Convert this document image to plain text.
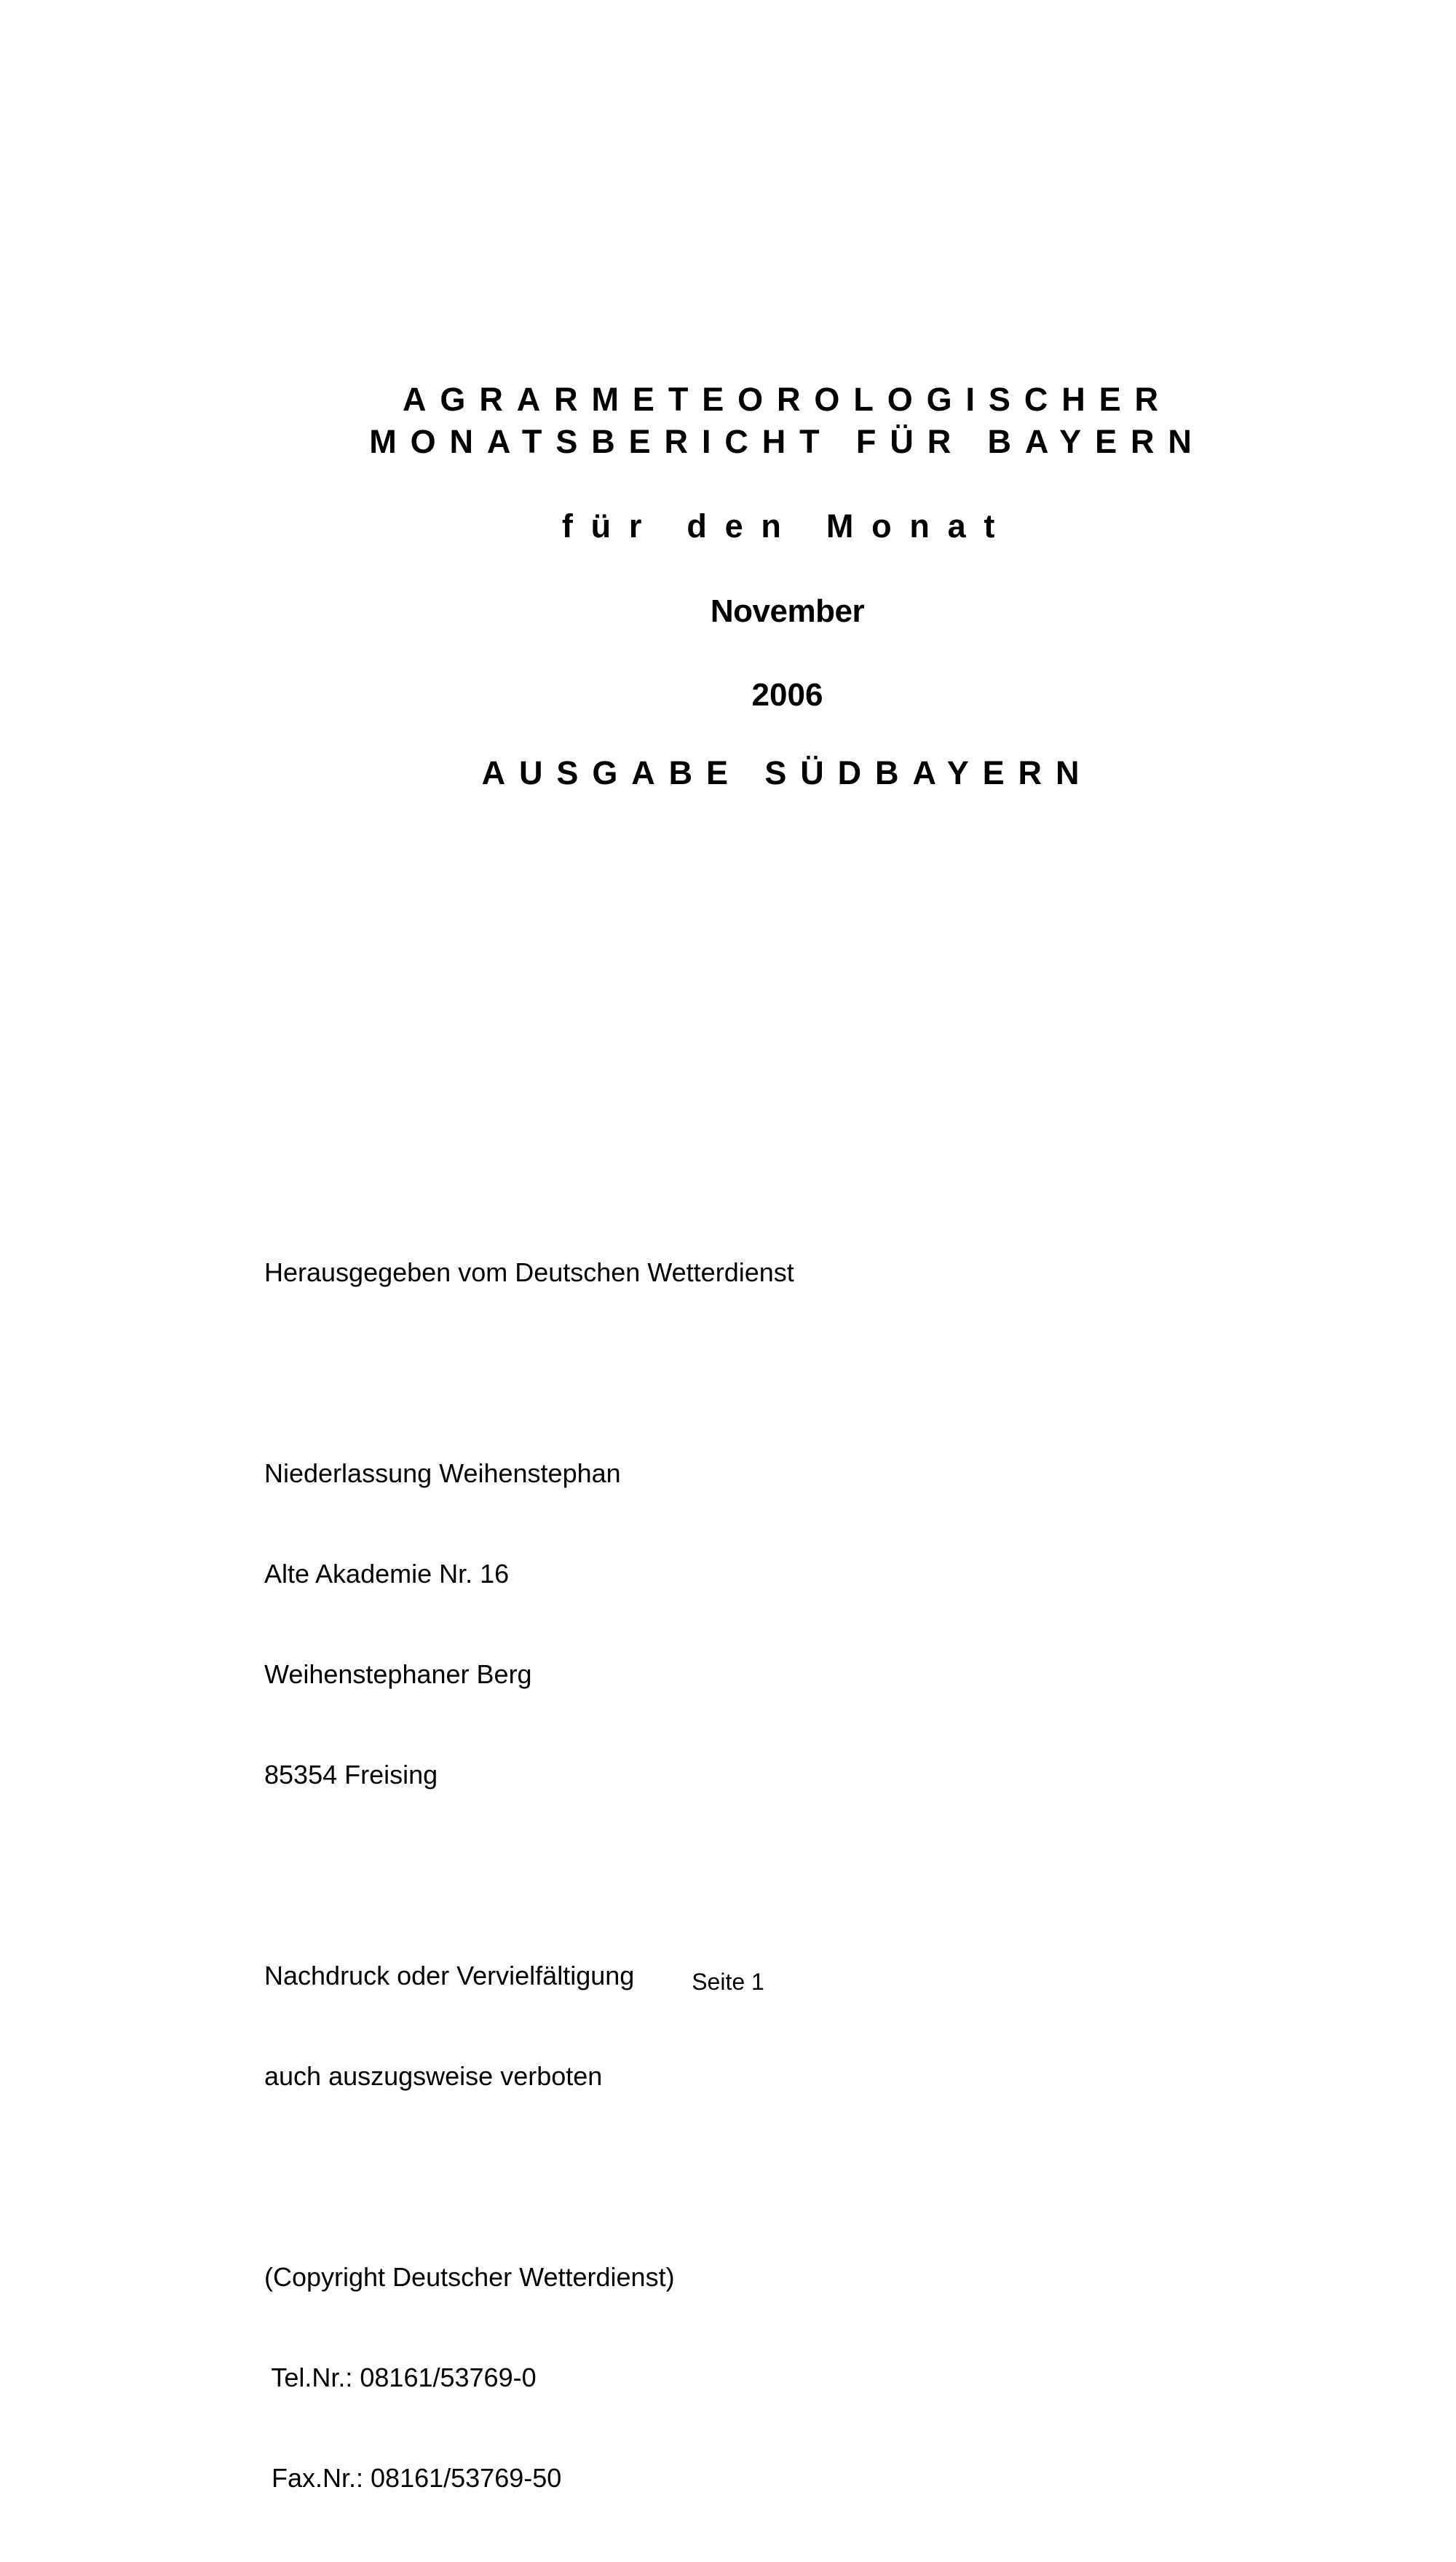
AGRARMETEOROLOGISCHER
MONATSBERICHT FÜR BAYERN
für den Monat
November
2006
AUSGABE SÜDBAYERN

Herausgegeben vom Deutschen Wetterdienst

Niederlassung Weihenstephan

Alte Akademie Nr. 16

Weihenstephaner Berg

85354 Freising

Nachdruck oder Vervielfältigung

auch auszugsweise verboten

(Copyright Deutscher Wetterdienst)

Tel.Nr.: 08161/53769-0

Fax.Nr.: 08161/53769-50

Seite 1
